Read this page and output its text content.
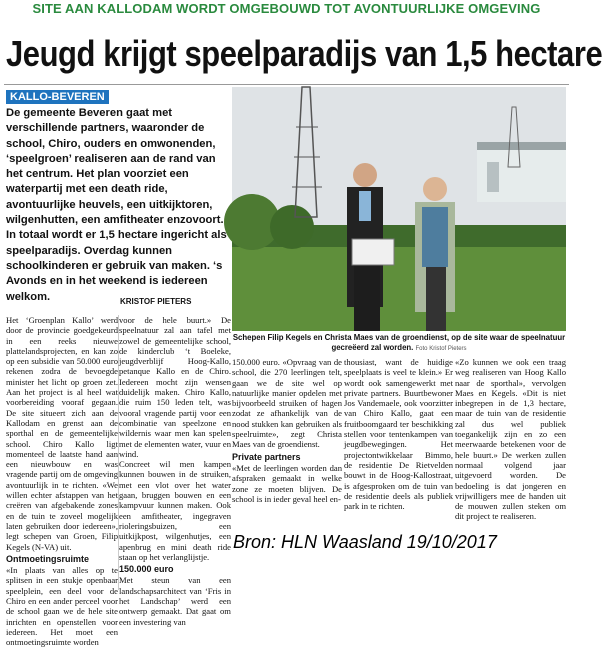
SITE AAN KALLODAM WORDT OMGEBOUWD TOT AVONTUURLIJKE OMGEVING
Jeugd krijgt speelparadijs van 1,5 hectare
KALLO-BEVEREN

De gemeente Beveren gaat met verschillende partners, waaronder de school, Chiro, ouders en omwonenden, ‘speelgroen’ realiseren aan de rand van het centrum. Het plan voorziet een waterpartij met een death ride, avontuurlijke heuvels, een uitkijktoren, wilgenhutten, een amfitheater enzovoort. In totaal wordt er 1,5 hectare ingericht als speelparadijs. Overdag kunnen schoolkinderen er gebruik van maken. ‘s Avonds en in het weekend is iedereen welkom.	KRISTOF PIETERS
Schepen Filip Kegels en Christa Maes van de groendienst, op de site waar de speelnatuur gecreëerd zal worden. Foto Kristof Pieters

Het ‘Groenplan Kallo’ werd door de provincie goedgekeurd in een reeks nieuwe plattelandsprojecten, en kan zo op een subsidie van 50.000 euro rekenen zodra de bevoegde minister het licht op groen zet. Aan het project is al heel wat voorbereiding vooraf gegaan. De site situeert zich aan de Kallodam en grenst aan de sporthal en de gemeentelijke school. Chiro Kallo ligt momenteel de laatste hand aan een nieuwbouw en was vragende partij om de omgeving avontuurlijk in te richten. «We willen echter afstappen van het creëren van afgebakende zones en de tuin te zoveel mogelijk laten gebruiken door iedereen», legt schepen van Groen, Filip Kegels (N-VA) uit.

Ontmoetingsruimte

«In plaats van alles op te splitsen in een stukje openbaar speelplein, een deel voor de Chiro en een ander perceel voor de school gaan we de hele site inrichten en openstellen voor iedereen. Het moet een ontmoetingsruimte worden

voor de hele buurt.» De speelnatuur zal aan tafel met zowel de gemeentelijke school, de kinderclub ‘t Boeleke, jeugdverblijf Hoog-Kallo, petanque Kallo en de Chiro. Iedereen mocht zijn wensen duidelijk maken. Chiro Kallo, die ruim 150 leden telt, was vooral vragende partij voor een combinatie van speelzone en wildernis waar men kan spelen met de elementen water, vuur en wind.

Concreet wil men kampen kunnen bouwen in de struiken, met een vlot over het water gaan, bruggen bouwen en een kampvuur kunnen maken. Ook een amfitheater, ingegraven rioleringsbuizen, een uitkijkpost, wilgenhutjes, een apenbrug en mini death ride staan op het verlanglijstje.

150.000 euro

Met steun van een landschapsarchitect van ‘Fris in het Landschap’ werd een ontwerp gemaakt. Dat gaat om een investering van

150.000 euro. «Opvraag van de school, die 270 leerlingen telt, gaan we de site wel op natuurlijke manier opdelen met bijvoorbeeld struiken of hagen zodat ze afhankelijk van de nood stukken kan gebruiken als speelruimte», zegt Christa Maes van de groendienst.

Private partners

«Met de leerlingen worden dan afspraken gemaakt in welke zone ze moeten blijven. De school is in ieder geval heel en-

thousiast, want de huidige speelplaats is veel te klein.» Er wordt ook samengewerkt met private partners. Buurtbewoner Jos Vandemaele, ook voorzitter van Chiro Kallo, gaat een fruitboomgaard ter beschikking stellen voor tentenkampen van jeugdbewegingen. Het projectontwikkelaar Bimmo, de residentie De Rietvelden bouwt in de Hoog-Kallostraat, is afgesproken om de tuin van de residentie deels als publiek park in te richten.

«Zo kunnen we ook een traag weg realiseren van Hoog Kallo naar de sporthal», vervolgen Maes en Kegels. «Dit is niet inbegrepen in de 1,3 hectare, maar de tuin van de residentie zal dus wel publiek toegankelijk zijn en zo een meerwaarde betekenen voor de hele buurt.» De werken zullen normaal volgend jaar uitgevoerd worden. De bedoeling is dat jongeren en vrijwilligers mee de handen uit de mouwen zullen steken om dit project te realiseren.

Bron: HLN Waasland 19/10/2017
